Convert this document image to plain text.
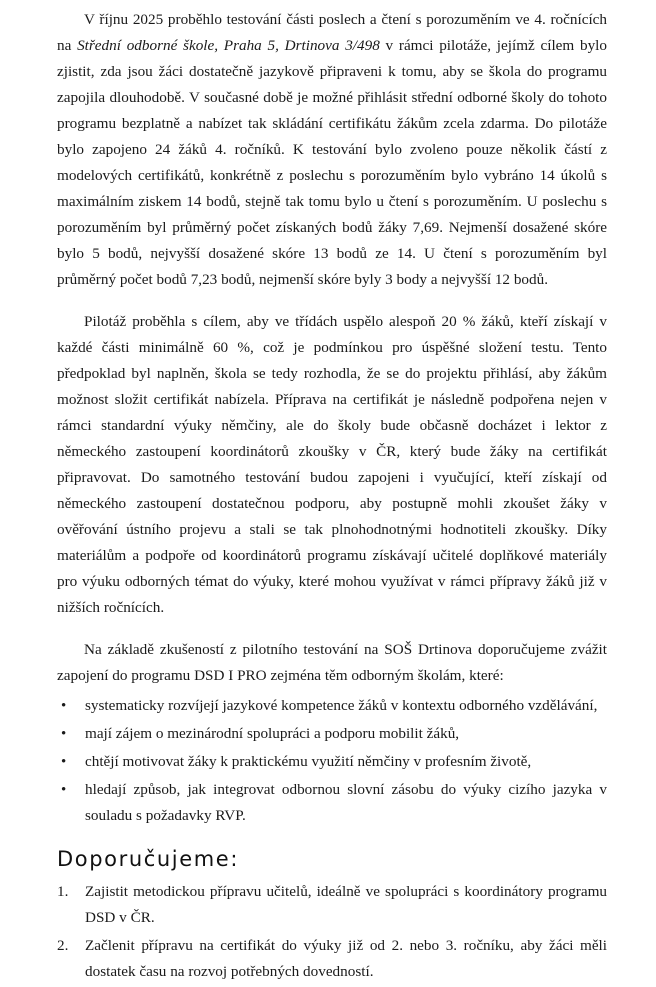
V říjnu 2025 proběhlo testování části poslech a čtení s porozuměním ve 4. ročnících na Střední odborné škole, Praha 5, Drtinova 3/498 v rámci pilotáže, jejímž cílem bylo zjistit, zda jsou žáci dostatečně jazykově připraveni k tomu, aby se škola do programu zapojila dlouhodobě. V současné době je možné přihlásit střední odborné školy do tohoto programu bezplatně a nabízet tak skládání certifikátu žákům zcela zdarma. Do pilotáže bylo zapojeno 24 žáků 4. ročníků. K testování bylo zvoleno pouze několik částí z modelových certifikátů, konkrétně z poslechu s porozuměním bylo vybráno 14 úkolů s maximálním ziskem 14 bodů, stejně tak tomu bylo u čtení s porozuměním. U poslechu s porozuměním byl průměrný počet získaných bodů žáky 7,69. Nejmenší dosažené skóre bylo 5 bodů, nejvyšší dosažené skóre 13 bodů ze 14. U čtení s porozuměním byl průměrný počet bodů 7,23 bodů, nejmenší skóre byly 3 body a nejvyšší 12 bodů.

Pilotáž proběhla s cílem, aby ve třídách uspělo alespoň 20 % žáků, kteří získají v každé části minimálně 60 %, což je podmínkou pro úspěšné složení testu. Tento předpoklad byl naplněn, škola se tedy rozhodla, že se do projektu přihlásí, aby žákům možnost složit certifikát nabízela. Příprava na certifikát je následně podpořena nejen v rámci standardní výuky němčiny, ale do školy bude občasně docházet i lektor z německého zastoupení koordinátorů zkoušky v ČR, který bude žáky na certifikát připravovat. Do samotného testování budou zapojeni i vyučující, kteří získají od německého zastoupení dostatečnou podporu, aby postupně mohli zkoušet žáky v ověřování ústního projevu a stali se tak plnohodnotnými hodnotiteli zkoušky. Díky materiálům a podpoře od koordinátorů programu získávají učitelé doplňkové materiály pro výuku odborných témat do výuky, které mohou využívat v rámci přípravy žáků již v nižších ročnících.

Na základě zkušeností z pilotního testování na SOŠ Drtinova doporučujeme zvážit zapojení do programu DSD I PRO zejména těm odborným školám, které:

• systematicky rozvíjejí jazykové kompetence žáků v kontextu odborného vzdělávání,
• mají zájem o mezinárodní spolupráci a podporu mobilit žáků,
• chtějí motivovat žáky k praktickému využití němčiny v profesním životě,
• hledají způsob, jak integrovat odbornou slovní zásobu do výuky cizího jazyka v souladu s požadavky RVP.
Doporučujeme:
1. Zajistit metodickou přípravu učitelů, ideálně ve spolupráci s koordinátory programu DSD v ČR.
2. Začlenit přípravu na certifikát do výuky již od 2. nebo 3. ročníku, aby žáci měli dostatek času na rozvoj potřebných dovedností.
